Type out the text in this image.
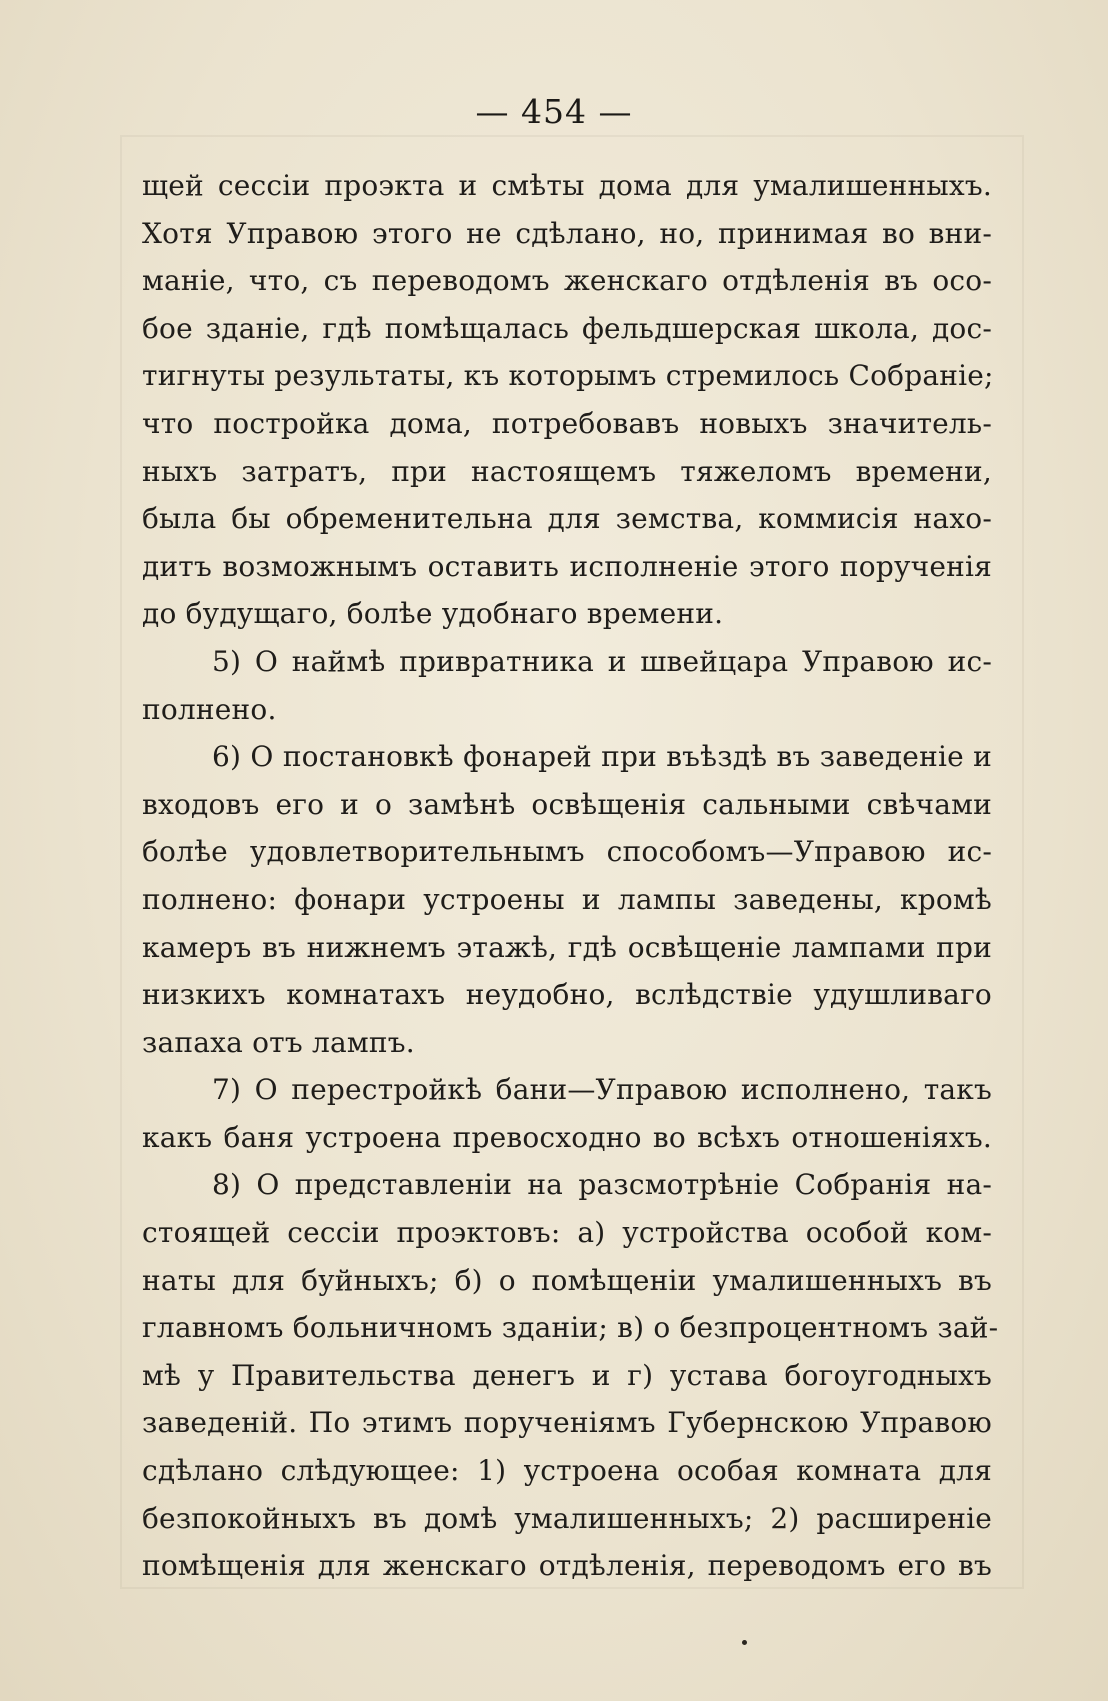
— 454 —
щей сессіи проэкта и смѣты дома для умалишенныхъ.
Хотя Управою этого не сдѣлано, но, принимая во вни-
маніе, что, съ переводомъ женскаго отдѣленія въ осо-
бое зданіе, гдѣ помѣщалась фельдшерская школа, дос-
тигнуты результаты, къ которымъ стремилось Собраніе;
что постройка дома, потребовавъ новыхъ значитель-
ныхъ затратъ, при настоящемъ тяжеломъ времени,
была бы обременительна для земства, коммисія нахо-
дитъ возможнымъ оставить исполненіе этого порученія
до будущаго, болѣе удобнаго времени.
5) О наймѣ привратника и швейцара Управою ис-
полнено.
6) О постановкѣ фонарей при въѣздѣ въ заведеніе и
входовъ его и о замѣнѣ освѣщенія сальными свѣчами
болѣе удовлетворительнымъ способомъ—Управою ис-
полнено: фонари устроены и лампы заведены, кромѣ
камеръ въ нижнемъ этажѣ, гдѣ освѣщеніе лампами при
низкихъ комнатахъ неудобно, вслѣдствіе удушливаго
запаха отъ лампъ.
7) О перестройкѣ бани—Управою исполнено, такъ
какъ баня устроена превосходно во всѣхъ отношеніяхъ.
8) О представленіи на разсмотрѣніе Собранія на-
стоящей сессіи проэктовъ: а) устройства особой ком-
наты для буйныхъ; б) о помѣщеніи умалишенныхъ въ
главномъ больничномъ зданіи; в) о безпроцентномъ зай-
мѣ у Правительства денегъ и г) устава богоугодныхъ
заведеній. По этимъ порученіямъ Губернскою Управою
сдѣлано слѣдующее: 1) устроена особая комната для
безпокойныхъ въ домѣ умалишенныхъ; 2) расширеніе
помѣщенія для женскаго отдѣленія, переводомъ его въ
